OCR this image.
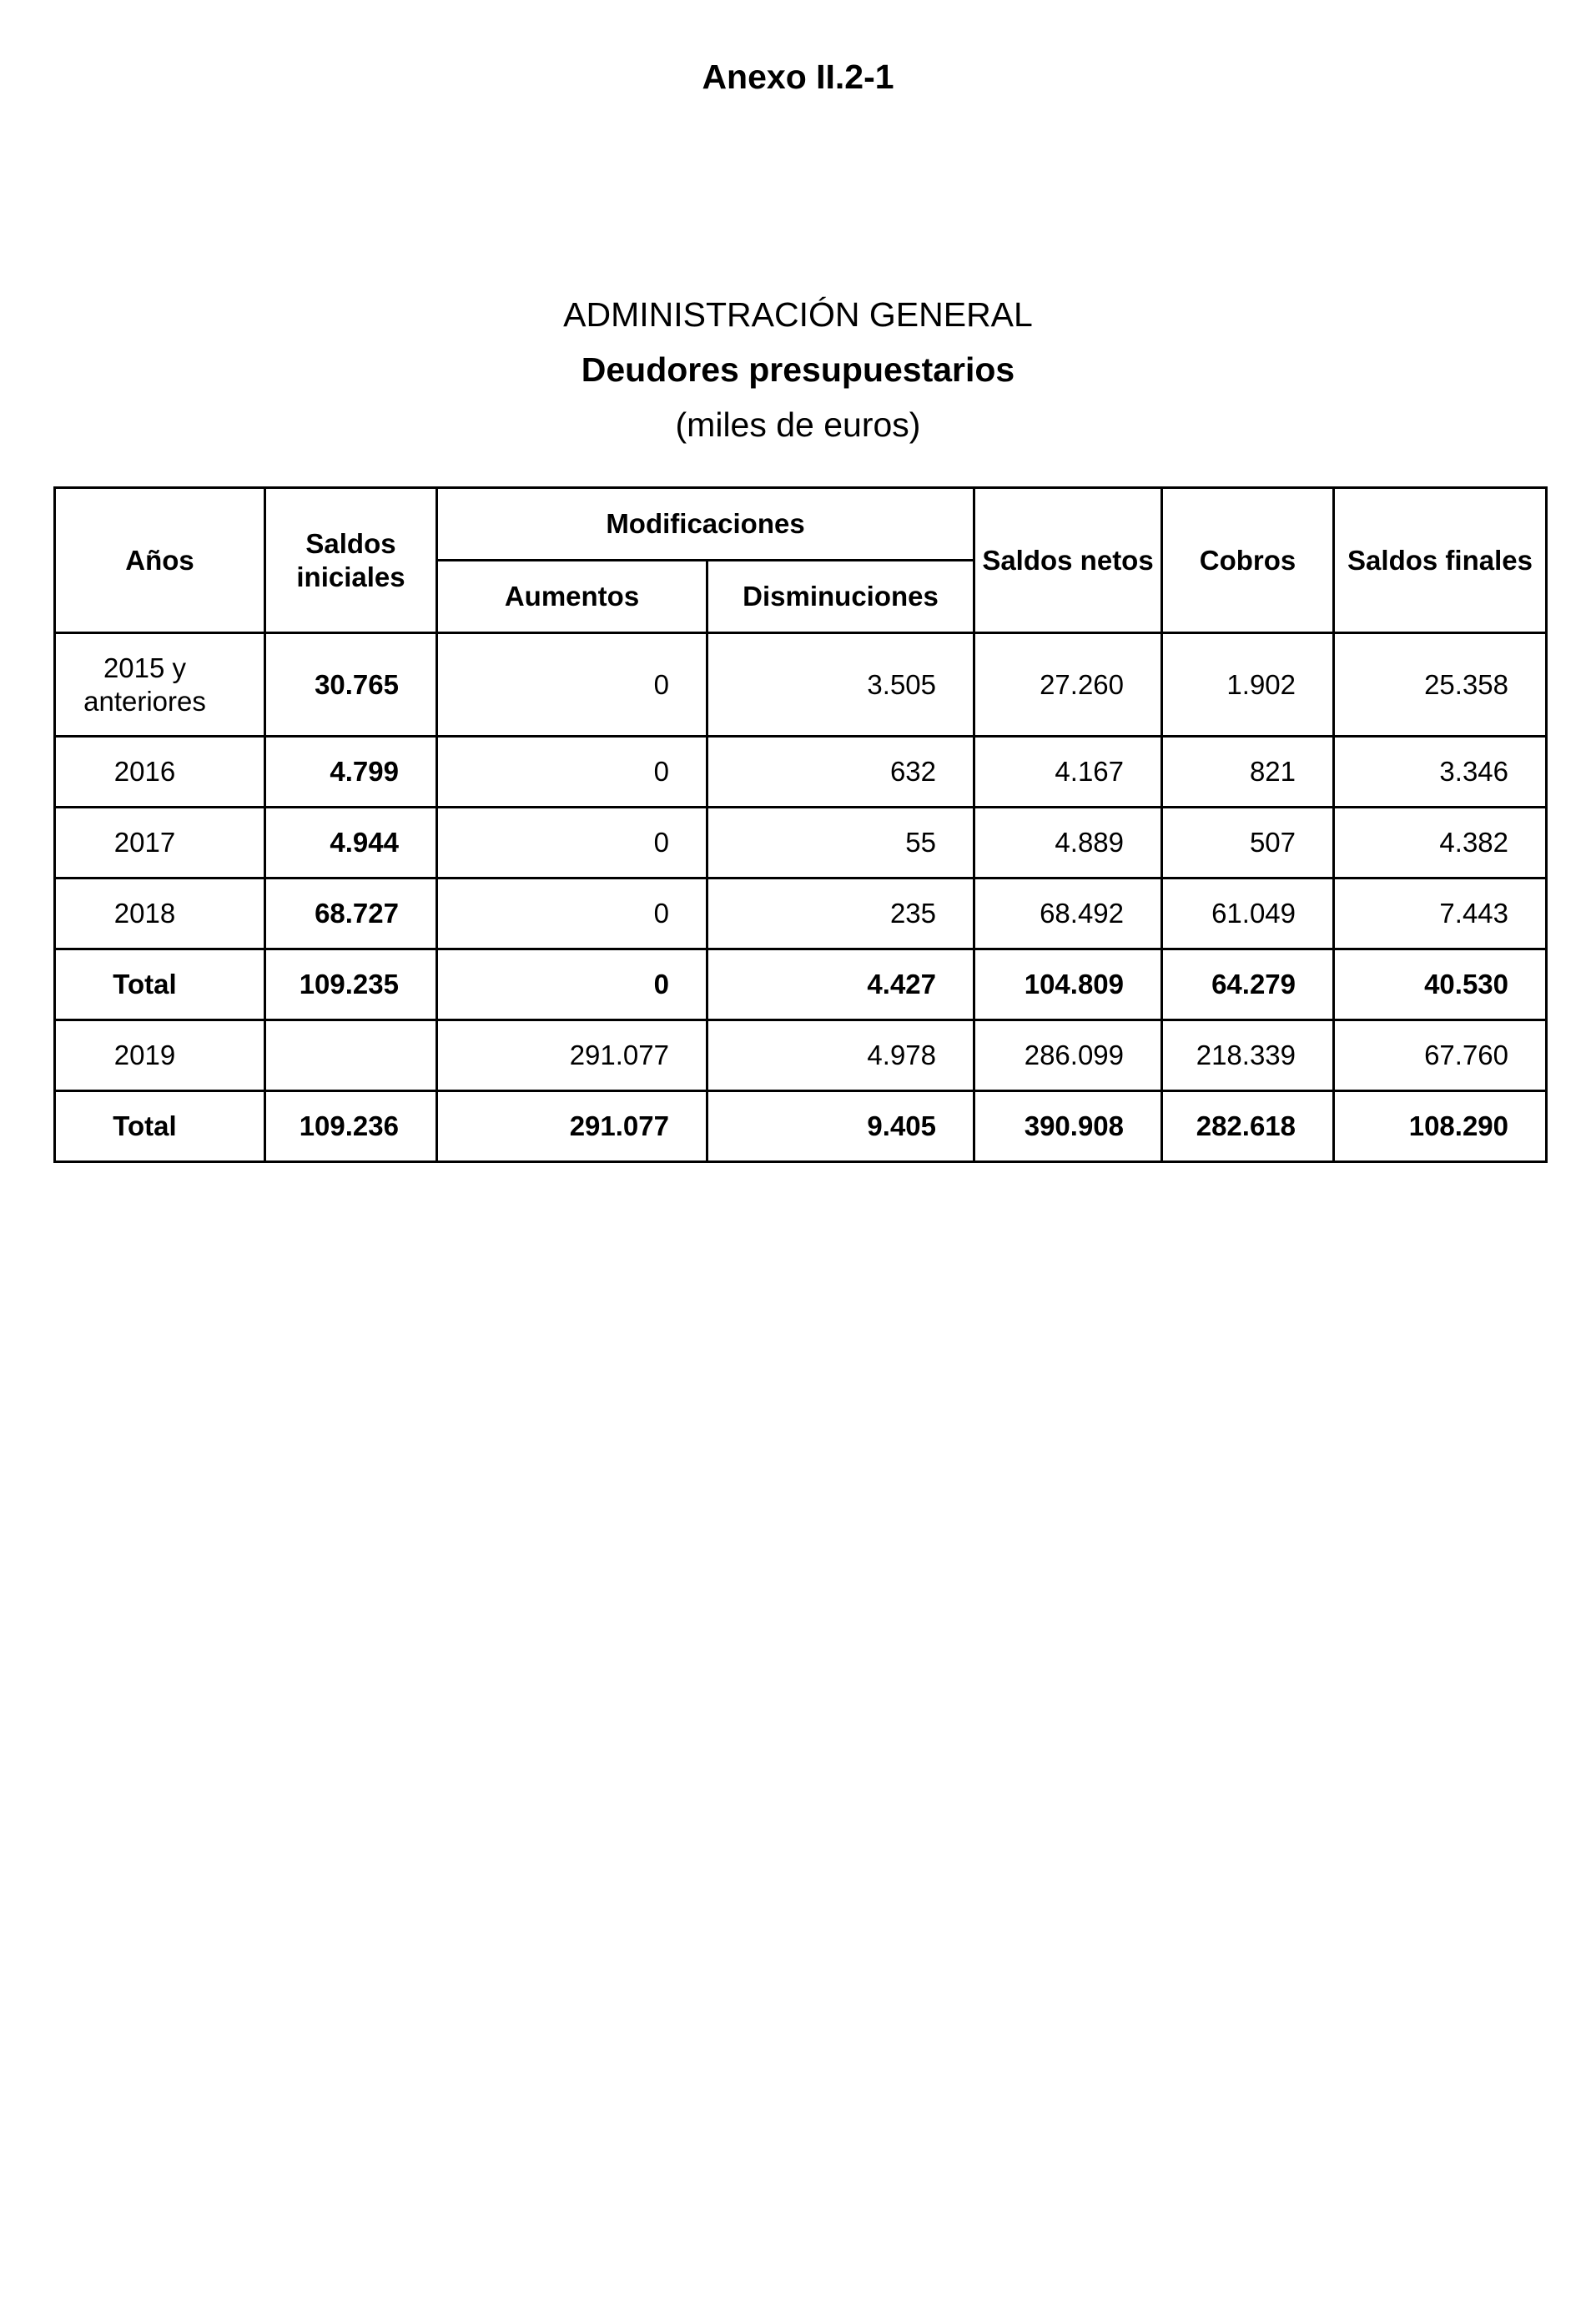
Anexo II.2-1
ADMINISTRACIÓN GENERAL
Deudores presupuestarios
(miles de euros)
Años	Saldos iniciales	Modificaciones		Saldos netos	Cobros	Saldos finales
		Aumentos	Disminuciones			
2015 y anteriores	30.765	0	3.505	27.260	1.902	25.358
2016	4.799	0	632	4.167	821	3.346
2017	4.944	0	55	4.889	507	4.382
2018	68.727	0	235	68.492	61.049	7.443
Total	109.235	0	4.427	104.809	64.279	40.530
2019		291.077	4.978	286.099	218.339	67.760
Total	109.236	291.077	9.405	390.908	282.618	108.290
